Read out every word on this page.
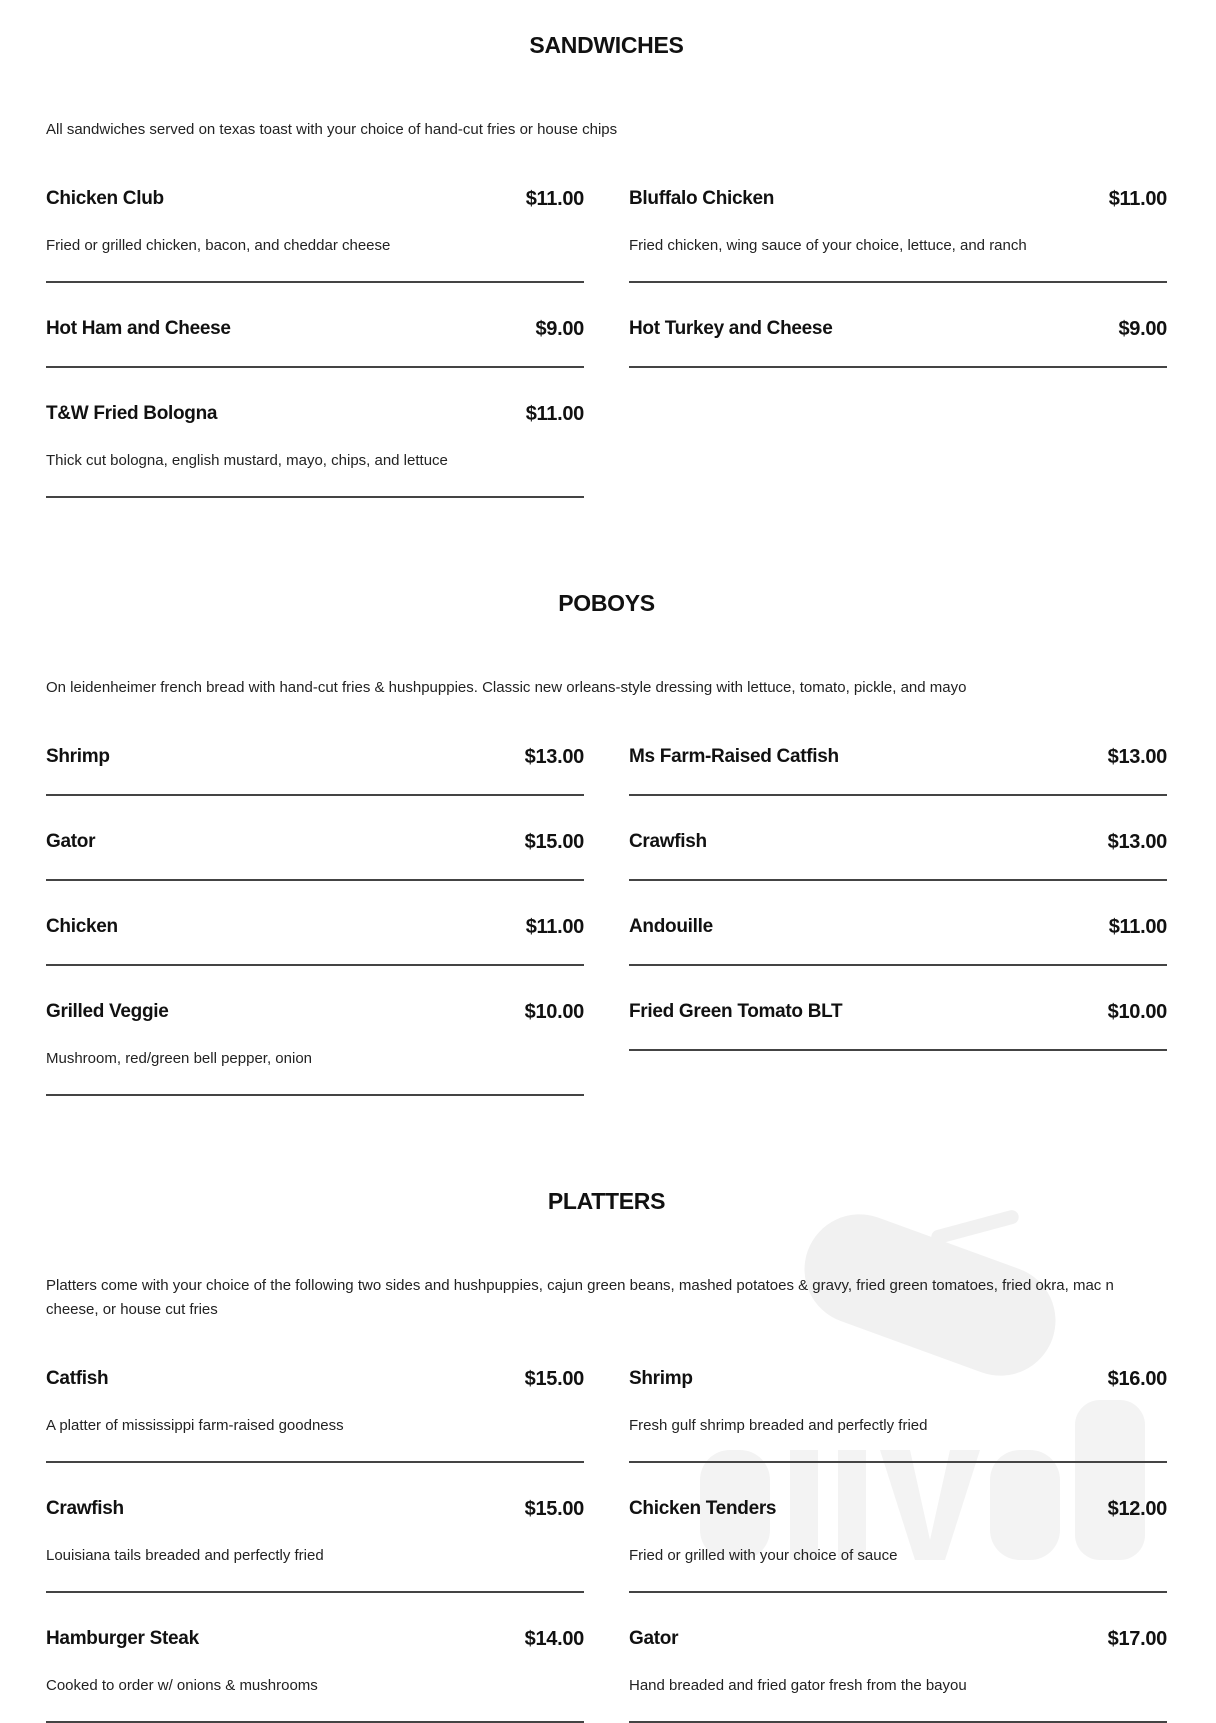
SANDWICHES
All sandwiches served on texas toast with your choice of hand-cut fries or house chips
Chicken Club	$11.00
Fried or grilled chicken, bacon, and cheddar cheese
Bluffalo Chicken	$11.00
Fried chicken, wing sauce of your choice, lettuce, and ranch
Hot Ham and Cheese	$9.00 Hot Turkey and Cheese	$9.00
T&W Fried Bologna	$11.00
Thick cut bologna, english mustard, mayo, chips, and lettuce
POBOYS
On leidenheimer french bread with hand-cut fries & hushpuppies. Classic new orleans-style dressing with lettuce, tomato, pickle, and mayo
Shrimp	$13.00 Ms Farm-Raised Catfish	$13.00
Gator	$15.00 Crawfish	$13.00
Chicken	$11.00 Andouille	$11.00
Grilled Veggie	$10.00
Mushroom, red/green bell pepper, onion
Fried Green Tomato BLT	$10.00
PLATTERS
Platters come with your choice of the following two sides and hushpuppies, cajun green beans, mashed potatoes & gravy, fried green tomatoes, fried okra, mac n cheese, or house cut fries
Catfish	$15.00
A platter of mississippi farm-raised goodness
Shrimp	$16.00
Fresh gulf shrimp breaded and perfectly fried
Crawfish	$15.00
Louisiana tails breaded and perfectly fried
Chicken Tenders	$12.00
Fried or grilled with your choice of sauce
Hamburger Steak	$14.00
Cooked to order w/ onions & mushrooms
Gator	$17.00
Hand breaded and fried gator fresh from the bayou
